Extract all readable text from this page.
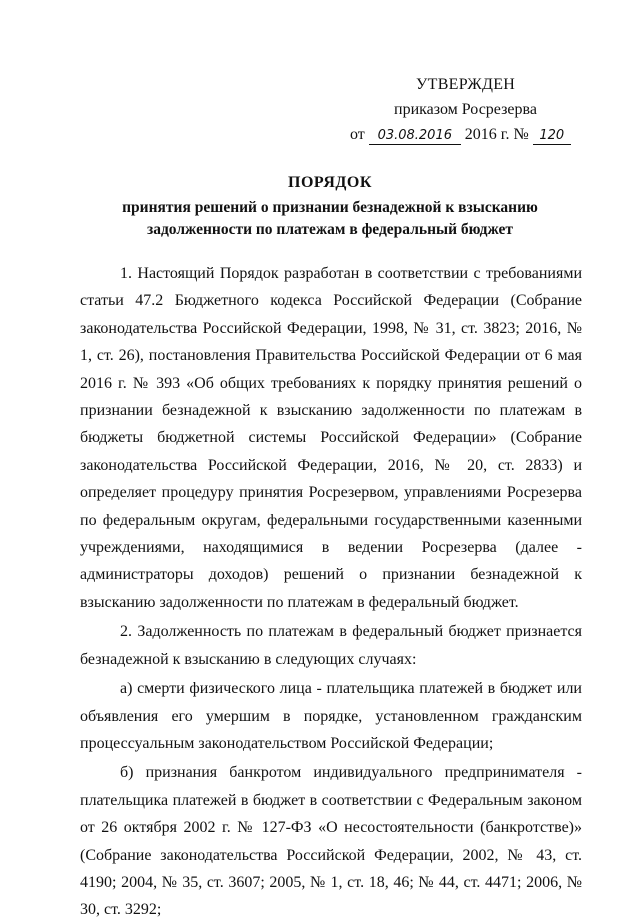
УТВЕРЖДЕН
приказом Росрезерва
от 03.08.2016 2016 г. № 120
ПОРЯДОК
принятия решений о признании безнадежной к взысканию
задолженности по платежам в федеральный бюджет

1. Настоящий Порядок разработан в соответствии с требованиями статьи 47.2 Бюджетного кодекса Российской Федерации (Собрание законодательства Российской Федерации, 1998, № 31, ст. 3823; 2016, № 1, ст. 26), постановления Правительства Российской Федерации от 6 мая 2016 г. № 393 «Об общих требованиях к порядку принятия решений о признании безнадежной к взысканию задолженности по платежам в бюджеты бюджетной системы Российской Федерации» (Собрание законодательства Российской Федерации, 2016, № 20, ст. 2833) и определяет процедуру принятия Росрезервом, управлениями Росрезерва по федеральным округам, федеральными государственными казенными учреждениями, находящимися в ведении Росрезерва (далее - администраторы доходов) решений о признании безнадежной к взысканию задолженности по платежам в федеральный бюджет.

2. Задолженность по платежам в федеральный бюджет признается безнадежной к взысканию в следующих случаях:

а) смерти физического лица - плательщика платежей в бюджет или объявления его умершим в порядке, установленном гражданским процессуальным законодательством Российской Федерации;

б) признания банкротом индивидуального предпринимателя - плательщика платежей в бюджет в соответствии с Федеральным законом от 26 октября 2002 г. № 127-ФЗ «О несостоятельности (банкротстве)» (Собрание законодательства Российской Федерации, 2002, № 43, ст. 4190; 2004, № 35, ст. 3607; 2005, № 1, ст. 18, 46; № 44, ст. 4471; 2006, № 30, ст. 3292;
